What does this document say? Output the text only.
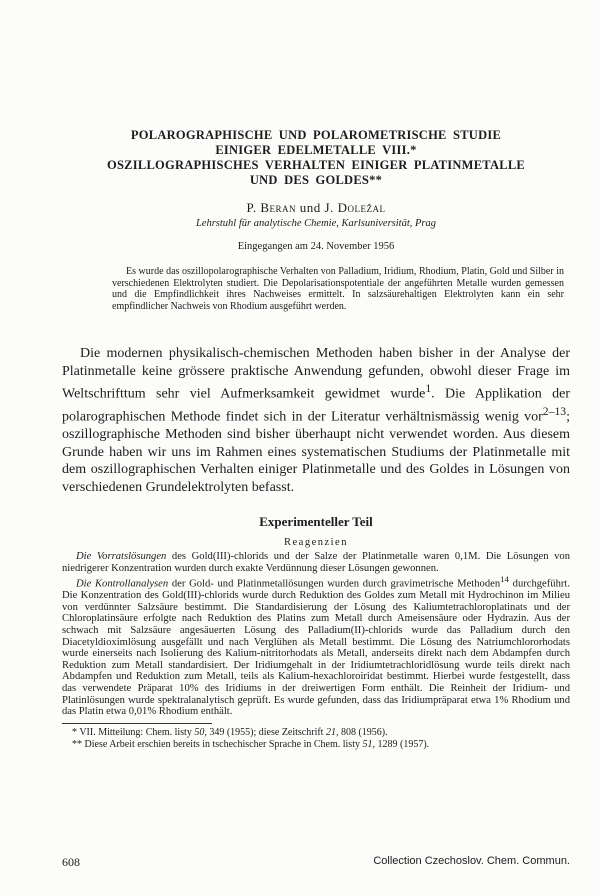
POLAROGRAPHISCHE UND POLAROMETRISCHE STUDIE
EINIGER EDELMETALLE VIII.*
OSZILLOGRAPHISCHES VERHALTEN EINIGER PLATINMETALLE
UND DES GOLDES**
P. Beran und J. Doležal
Lehrstuhl für analytische Chemie, Karlsuniversität, Prag
Eingegangen am 24. November 1956

Es wurde das oszillopolarographische Verhalten von Palladium, Iridium, Rhodium, Platin, Gold und Silber in verschiedenen Elektrolyten studiert. Die Depolarisationspotentiale der angeführten Metalle wurden gemessen und die Empfindlichkeit ihres Nachweises ermittelt. In salzsäurehaltigen Elektrolyten kann ein sehr empfindlicher Nachweis von Rhodium ausgeführt werden.

Die modernen physikalisch-chemischen Methoden haben bisher in der Analyse der Platinmetalle keine grössere praktische Anwendung gefunden, obwohl dieser Frage im Weltschrifttum sehr viel Aufmerksamkeit gewidmet wurde$^1$. Die Applikation der polarographischen Methode findet sich in der Literatur verhältnismässig wenig vor$^{2-13}$; oszillographische Methoden sind bisher überhaupt nicht verwendet worden. Aus diesem Grunde haben wir uns im Rahmen eines systematischen Studiums der Platinmetalle mit dem oszillographischen Verhalten einiger Platinmetalle und des Goldes in Lösungen von verschiedenen Grundelektrolyten befasst.

Experimenteller Teil
Reagenzien

Die Vorratslösungen des Gold(III)-chlorids und der Salze der Platinmetalle waren 0,1M. Die Lösungen von niedrigerer Konzentration wurden durch exakte Verdünnung dieser Lösungen gewonnen.

Die Kontrollanalysen der Gold- und Platinmetallösungen wurden durch gravimetrische Methoden$^{14}$ durchgeführt. Die Konzentration des Gold(III)-chlorids wurde durch Reduktion des Goldes zum Metall mit Hydrochinon im Milieu von verdünnter Salzsäure bestimmt. Die Standardisierung der Lösung des Kaliumtetrachloroplatinats und der Chloroplatinsäure erfolgte nach Reduktion des Platins zum Metall durch Ameisensäure oder Hydrazin. Aus der schwach mit Salzsäure angesäuerten Lösung des Palladium(II)-chlorids wurde das Palladium durch den Diacetyldioximlösung ausgefällt und nach Verglühen als Metall bestimmt. Die Lösung des Natriumchlororhodats wurde einerseits nach Isolierung des Kalium-nitritorhodats als Metall, anderseits direkt nach dem Abdampfen durch Reduktion zum Metall standardisiert. Der Iridiumgehalt in der Iridiumtetrachloridlösung wurde teils direkt nach Abdampfen und Reduktion zum Metall, teils als Kalium-hexachloroiridat bestimmt. Hierbei wurde festgestellt, dass das verwendete Präparat 10% des Iridiums in der dreiwertigen Form enthält. Die Reinheit der Iridium- und Platinlösungen wurde spektralanalytisch geprüft. Es wurde gefunden, dass das Iridiumpräparat etwa 1% Rhodium und das Platin etwa 0,01% Rhodium enthält.

* VII. Mitteilung: Chem. listy 50, 349 (1955); diese Zeitschrift 21, 808 (1956).
** Diese Arbeit erschien bereits in tschechischer Sprache in Chem. listy 51, 1289 (1957).
608	Collection Czechoslov. Chem. Commun.
